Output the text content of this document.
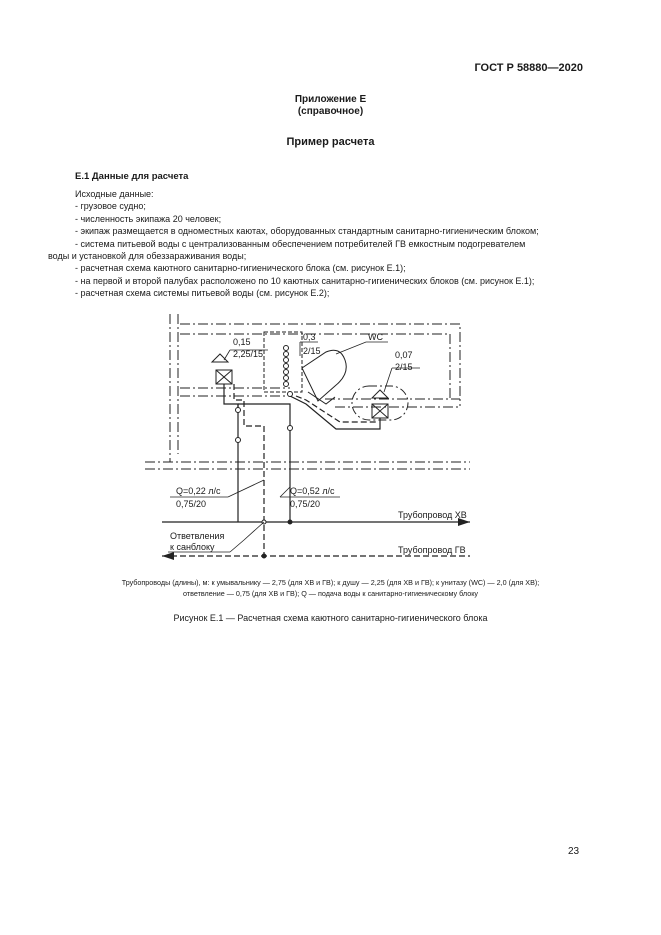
ГОСТ Р 58880—2020
Приложение Е
(справочное)
Пример расчета
Е.1 Данные для расчета
Исходные данные:
- грузовое судно;
- численность экипажа 20 человек;
- экипаж размещается в одноместных каютах, оборудованных стандартным санитарно-гигиеническим блоком;
- система питьевой воды с централизованным обеспечением потребителей ГВ емкостным подогревателем
воды и установкой для обеззараживания воды;
- расчетная схема каютного санитарно-гигиенического блока (см. рисунок Е.1);
- на первой и второй палубах расположено по 10 каютных санитарно-гигиенических блоков (см. рисунок Е.1);
- расчетная схема системы питьевой воды (см. рисунок Е.2);
0,15
2,25/15
0,3
2/15
WC
0,07
2/15
Q=0,22 л/с
0,75/20
Q=0,52 л/с
0,75/20
Ответвления
к санблоку
Трубопровод ХВ
Трубопровод ГВ
Трубопроводы (длины), м: к умывальнику — 2,75 (для ХВ и ГВ); к душу — 2,25 (для ХВ и ГВ); к унитазу (WC) — 2,0 (для ХВ);
ответвление — 0,75 (для ХВ и ГВ); Q — подача воды к санитарно-гигиеническому блоку
Рисунок Е.1 — Расчетная схема каютного санитарно-гигиенического блока
23
